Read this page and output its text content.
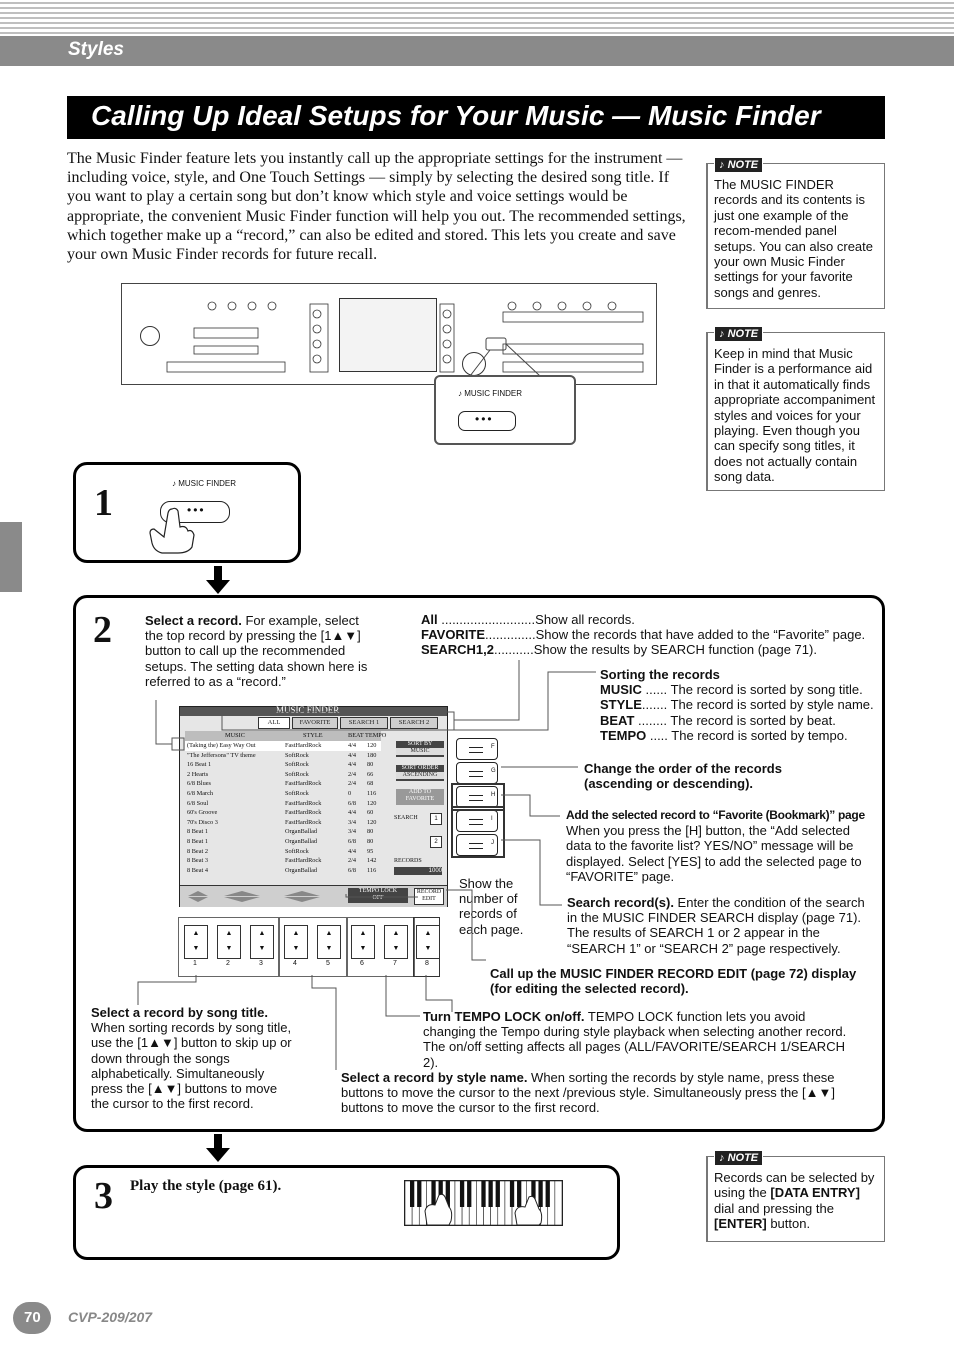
Styles
Calling Up Ideal Setups for Your Music — Music Finder
The Music Finder feature lets you instantly call up the appropriate settings for the instrument — including voice, style, and One Touch Settings — simply by selecting the desired song title. If you want to play a certain song but don’t know which style and voice settings would be appropriate, the convenient Music Finder function will help you out. The recommended settings, which together make up a “record,” can also be edited and stored. This lets you create and save your own Music Finder records for future recall.
♪ NOTE
The MUSIC FINDER records and its contents is just one example of the recom-mended panel setups. You can also create your own Music Finder settings for your favorite songs and genres.
♪ NOTE
Keep in mind that Music Finder is a performance aid in that it automatically finds appropriate accompaniment styles and voices for your playing. Even though you can specify song titles, it does not actually contain song data.
♪ MUSIC FINDER
•••
1	♪ MUSIC FINDER
•••
2	Select a record. For example, select the top record by pressing the [1▲▼] button to call up the recommended setups. The setting data shown here is referred to as a “record.”
All ..........................Show all records.
FAVORITE..............Show the records that have added to the “Favorite” page.
SEARCH1,2...........Show the results by SEARCH function (page 71).
Sorting the records
MUSIC ...... The record is sorted by song title.
STYLE....... The record is sorted by style name.
BEAT ........ The record is sorted by beat.
TEMPO ..... The record is sorted by tempo.
Change the order of the records (ascending or descending).
Add the selected record to “Favorite (Bookmark)” page
When you press the [H] button, the “Add selected data to the favorite list? YES/NO” message will be displayed. Select [YES] to add the selected page to “FAVORITE” page.
Show the number of records of each page.
Search record(s). Enter the condition of the search in the MUSIC FINDER SEARCH display (page 71). The results of SEARCH 1 or 2 appear in the “SEARCH 1” or “SEARCH 2” page respectively.
Call up the MUSIC FINDER RECORD EDIT (page 72) display (for editing the selected record).
Turn TEMPO LOCK on/off. TEMPO LOCK function lets you avoid changing the Tempo during style playback when selecting another record. The on/off setting affects all pages (ALL/FAVORITE/SEARCH 1/SEARCH 2).
Select a record by song title.
When sorting records by song title, use the [1▲▼] button to skip up or down through the songs alphabetically. Simultaneously press the [▲▼] buttons to move the cursor to the first record.
Select a record by style name. When sorting the records by style name, press these buttons to move the cursor to the next /previous style. Simultaneously press the [▲▼] buttons to move the cursor to the first record.
MUSIC FINDER
ALL	FAVORITE	SEARCH 1	SEARCH 2
MUSIC	STYLE	BEAT TEMPO
(Taking the) Easy Way Out	FastHardRock	4/4 120
"The Jeffersons" TV theme	SoftRock	4/4 180
16 Beat 1	SoftRock	4/4 80
2 Hearts	SoftRock	2/4 66
6/8 Blues	FastHardRock	2/4 68
6/8 March	SoftRock	0	116
6/8 Soul	FastHardRock	6/8 120
60's Groove	FastHardRock	4/4 60
70's Disco 3	FastHardRock	3/4 120
8 Beat 1	OrganBallad	3/4 80
8 Beat 1	OrganBallad	6/8 80
8 Beat 2	SoftRock	4/4 95
8 Beat 3	FastHardRock	2/4 142
8 Beat 4	OrganBallad	6/8 116
SORT BY
MUSIC
SORT ORDER
ASCENDING
ADD TO
FAVORITE
SEARCH	1
2
RECORDS
1000
TEMPO LOCK
OFF
RECORD
EDIT
F
G
H
I
J
▲
▼
▲
▼
▲
▼
▲
▼
▲
▼
▲
▼
▲
▼
▲
▼
1	2	3	4	5	6	7	8
3 Play the style (page 61).
♪ NOTE
Records can be selected by using the [DATA ENTRY] dial and pressing the [ENTER] button.
70 CVP-209/207
